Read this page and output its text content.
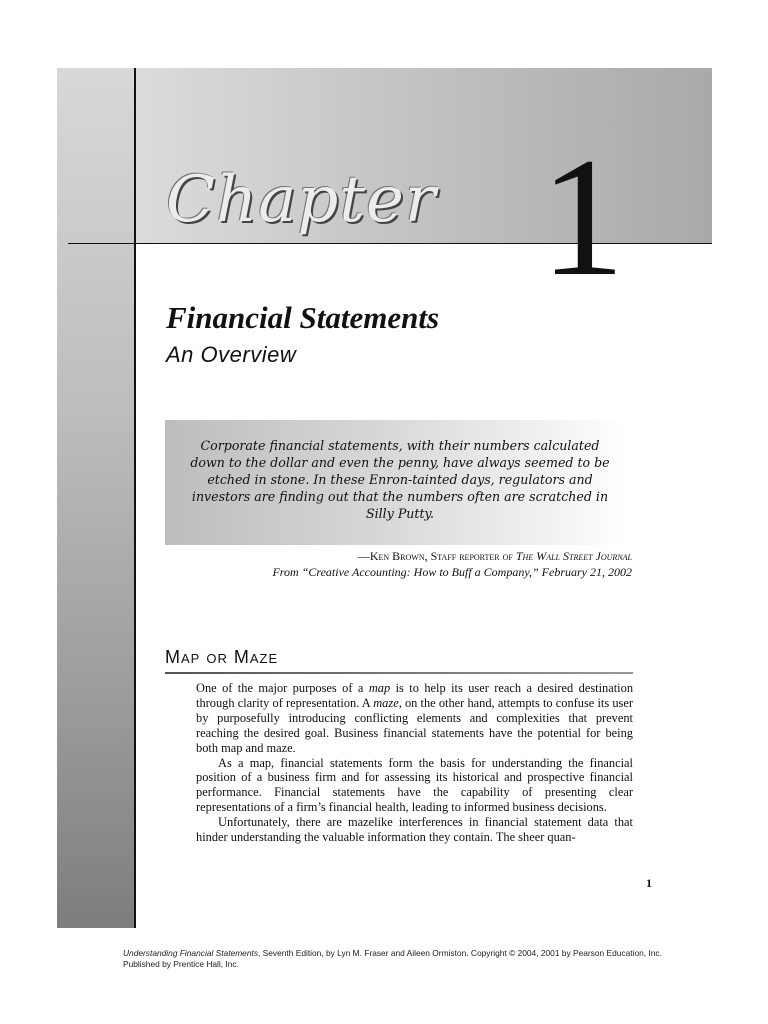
Chapter 1
Financial Statements
An Overview
Corporate financial statements, with their numbers calculated down to the dollar and even the penny, have always seemed to be etched in stone. In these Enron-tainted days, regulators and investors are finding out that the numbers often are scratched in Silly Putty.
—Ken Brown, Staff reporter of The Wall Street Journal
From “Creative Accounting: How to Buff a Company,” February 21, 2002
Map or Maze

One of the major purposes of a map is to help its user reach a desired destination through clarity of representation. A maze, on the other hand, attempts to confuse its user by purposefully introducing conflicting elements and complexities that prevent reaching the desired goal. Business financial statements have the potential for being both map and maze.

As a map, financial statements form the basis for understanding the financial position of a business firm and for assessing its historical and prospective financial performance. Financial statements have the capability of presenting clear representations of a firm’s financial health, leading to informed business decisions.

Unfortunately, there are mazelike interferences in financial statement data that hinder understanding the valuable information they contain. The sheer quan-

1
Understanding Financial Statements, Seventh Edition, by Lyn M. Fraser and Aileen Ormiston. Copyright © 2004, 2001 by Pearson Education, Inc.
Published by Prentice Hall, Inc.
